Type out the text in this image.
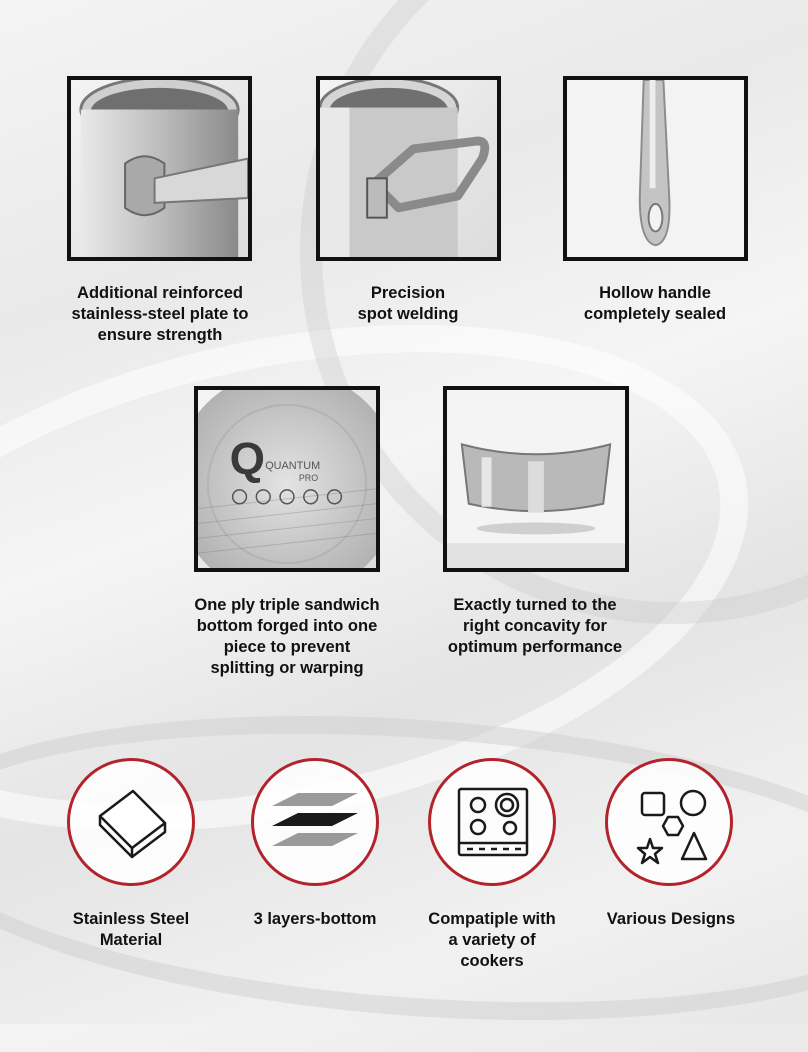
Additional reinforced
stainless-steel plate to
ensure strength
Precision
spot welding
Hollow handle
completely sealed
Q QUANTUM
PRO
One ply triple sandwich
bottom forged into one
piece to prevent
splitting or warping
Exactly turned to the
right concavity for
optimum performance
Stainless Steel
Material
3 layers-bottom	Compatiple with
a variety of
cookers
Various Designs
